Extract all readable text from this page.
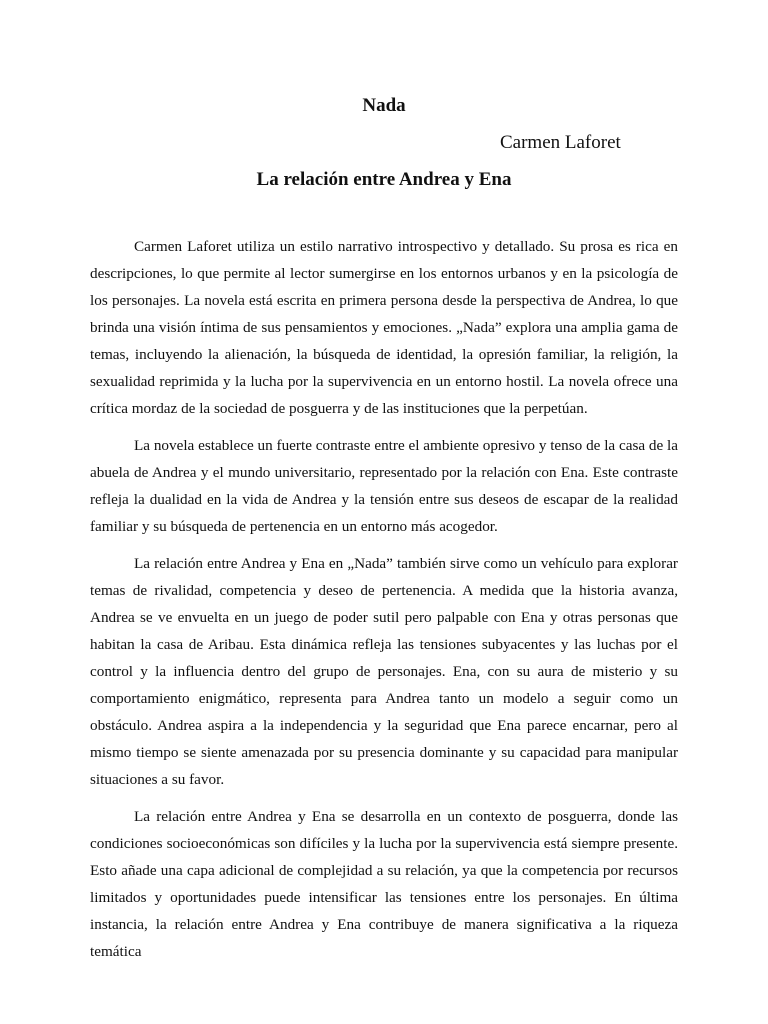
Nada
Carmen Laforet
La relación entre Andrea y Ena

Carmen Laforet utiliza un estilo narrativo introspectivo y detallado. Su prosa es rica en descripciones, lo que permite al lector sumergirse en los entornos urbanos y en la psicología de los personajes. La novela está escrita en primera persona desde la perspectiva de Andrea, lo que brinda una visión íntima de sus pensamientos y emociones. „Nada” explora una amplia gama de temas, incluyendo la alienación, la búsqueda de identidad, la opresión familiar, la religión, la sexualidad reprimida y la lucha por la supervivencia en un entorno hostil. La novela ofrece una crítica mordaz de la sociedad de posguerra y de las instituciones que la perpetúan.

La novela establece un fuerte contraste entre el ambiente opresivo y tenso de la casa de la abuela de Andrea y el mundo universitario, representado por la relación con Ena. Este contraste refleja la dualidad en la vida de Andrea y la tensión entre sus deseos de escapar de la realidad familiar y su búsqueda de pertenencia en un entorno más acogedor.

La relación entre Andrea y Ena en „Nada” también sirve como un vehículo para explorar temas de rivalidad, competencia y deseo de pertenencia. A medida que la historia avanza, Andrea se ve envuelta en un juego de poder sutil pero palpable con Ena y otras personas que habitan la casa de Aribau. Esta dinámica refleja las tensiones subyacentes y las luchas por el control y la influencia dentro del grupo de personajes. Ena, con su aura de misterio y su comportamiento enigmático, representa para Andrea tanto un modelo a seguir como un obstáculo. Andrea aspira a la independencia y la seguridad que Ena parece encarnar, pero al mismo tiempo se siente amenazada por su presencia dominante y su capacidad para manipular situaciones a su favor.

La relación entre Andrea y Ena se desarrolla en un contexto de posguerra, donde las condiciones socioeconómicas son difíciles y la lucha por la supervivencia está siempre presente. Esto añade una capa adicional de complejidad a su relación, ya que la competencia por recursos limitados y oportunidades puede intensificar las tensiones entre los personajes. En última instancia, la relación entre Andrea y Ena contribuye de manera significativa a la riqueza temática
